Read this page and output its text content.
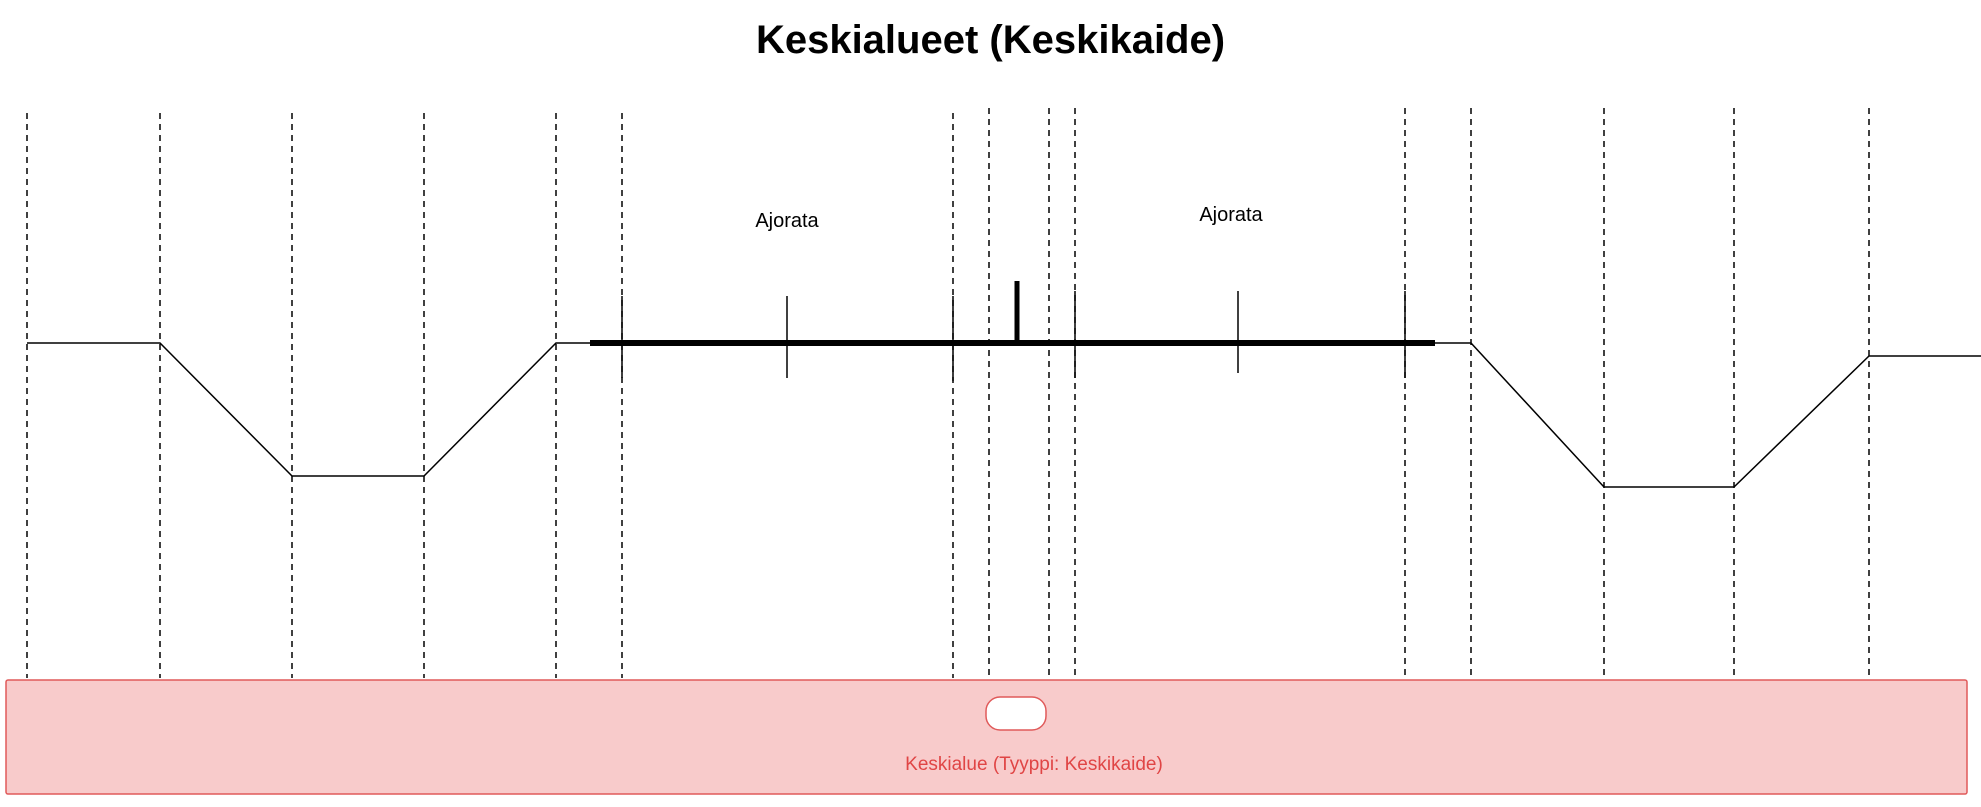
Keskialueet (Keskikaide)
Ajorata	Ajorata
Keskialue (Tyyppi: Keskikaide)
